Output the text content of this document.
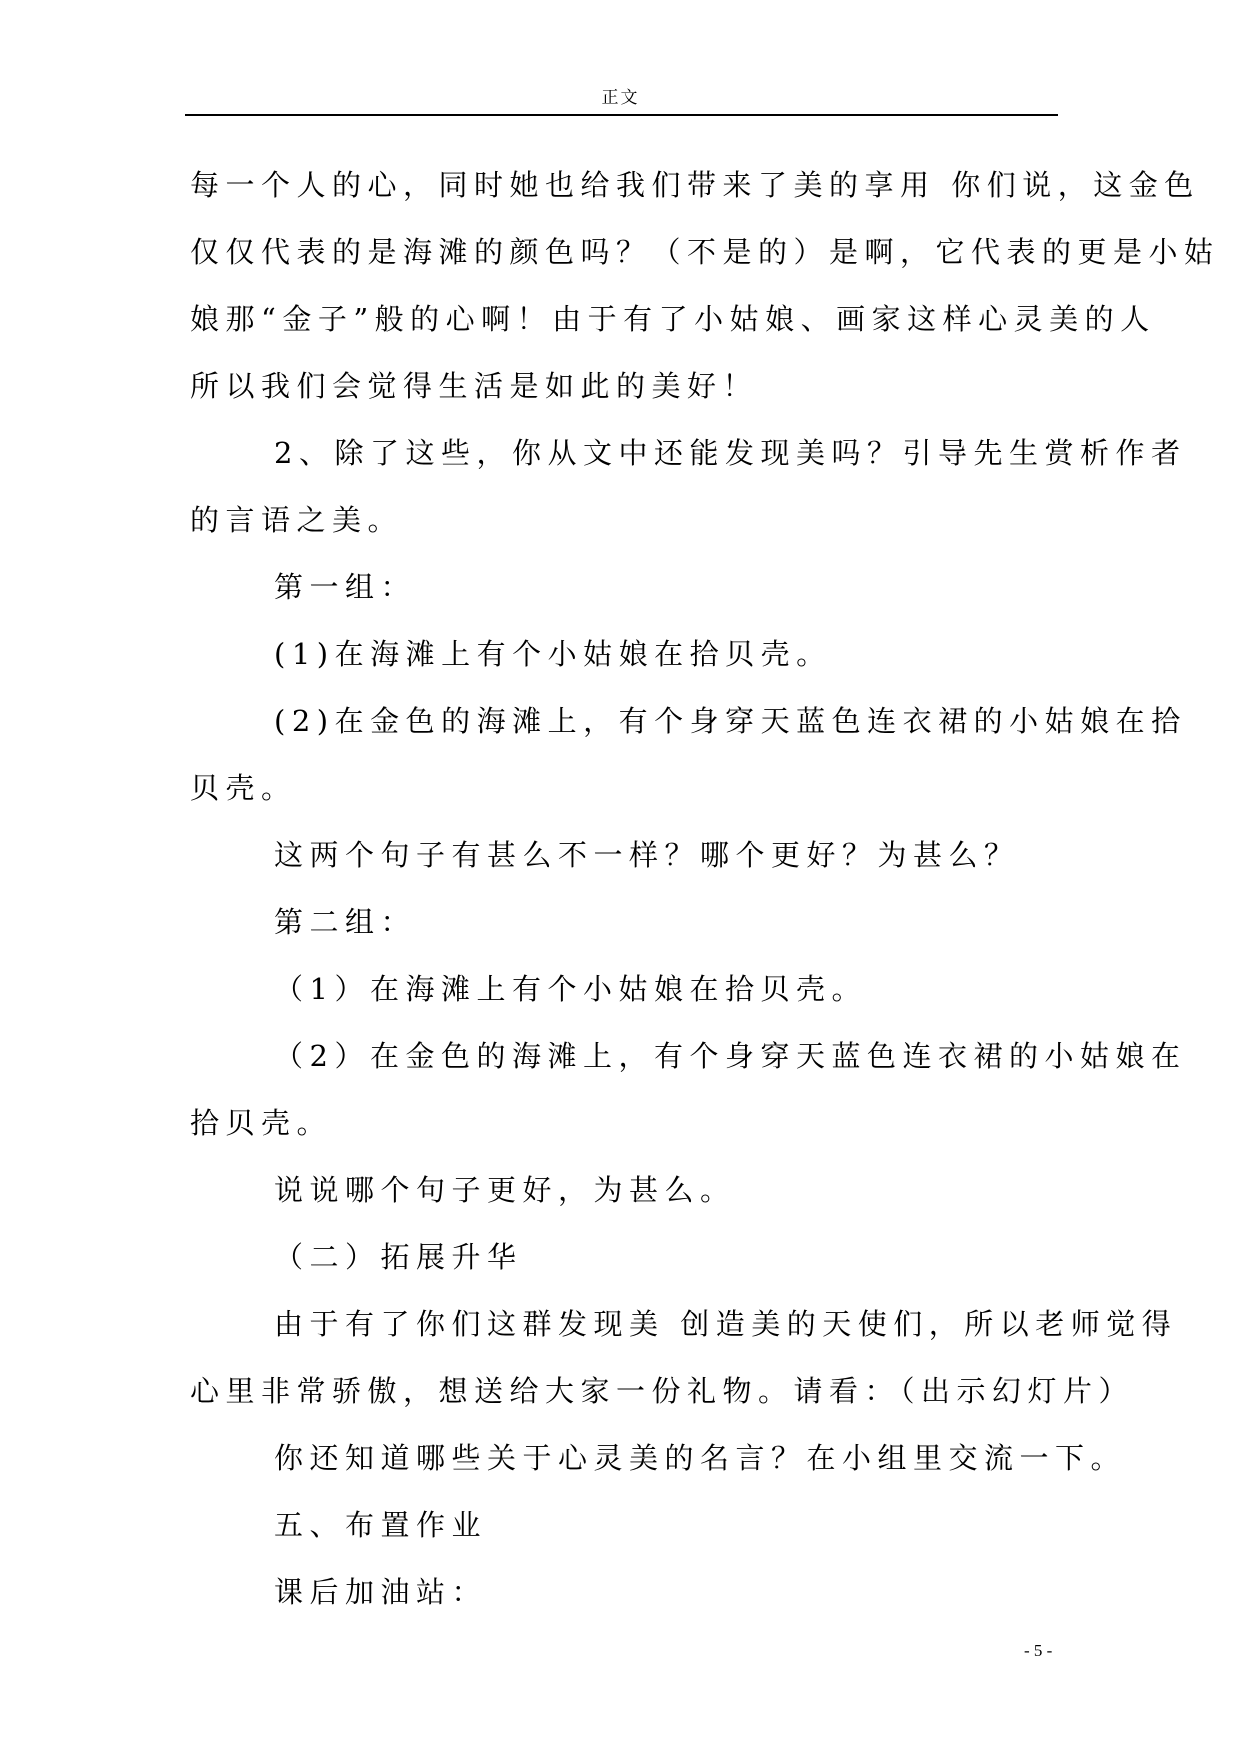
正文
每一个人的心，同时她也给我们带来了美的享用 你们说，这金色
仅仅代表的是海滩的颜色吗？（不是的）是啊，它代表的更是小姑
娘那“金子”般的心啊！由于有了小姑娘、画家这样心灵美的人
所以我们会觉得生活是如此的美好！
2、除了这些，你从文中还能发现美吗？引导先生赏析作者
的言语之美。
第一组：
(1)在海滩上有个小姑娘在拾贝壳。
(2)在金色的海滩上，有个身穿天蓝色连衣裙的小姑娘在拾
贝壳。
这两个句子有甚么不一样？哪个更好？为甚么？
第二组：
（1）在海滩上有个小姑娘在拾贝壳。
（2）在金色的海滩上，有个身穿天蓝色连衣裙的小姑娘在
拾贝壳。
说说哪个句子更好，为甚么。
（二）拓展升华
由于有了你们这群发现美 创造美的天使们，所以老师觉得
心里非常骄傲，想送给大家一份礼物。请看：（出示幻灯片）
你还知道哪些关于心灵美的名言？在小组里交流一下。
五、布置作业
课后加油站：
- 5 -
